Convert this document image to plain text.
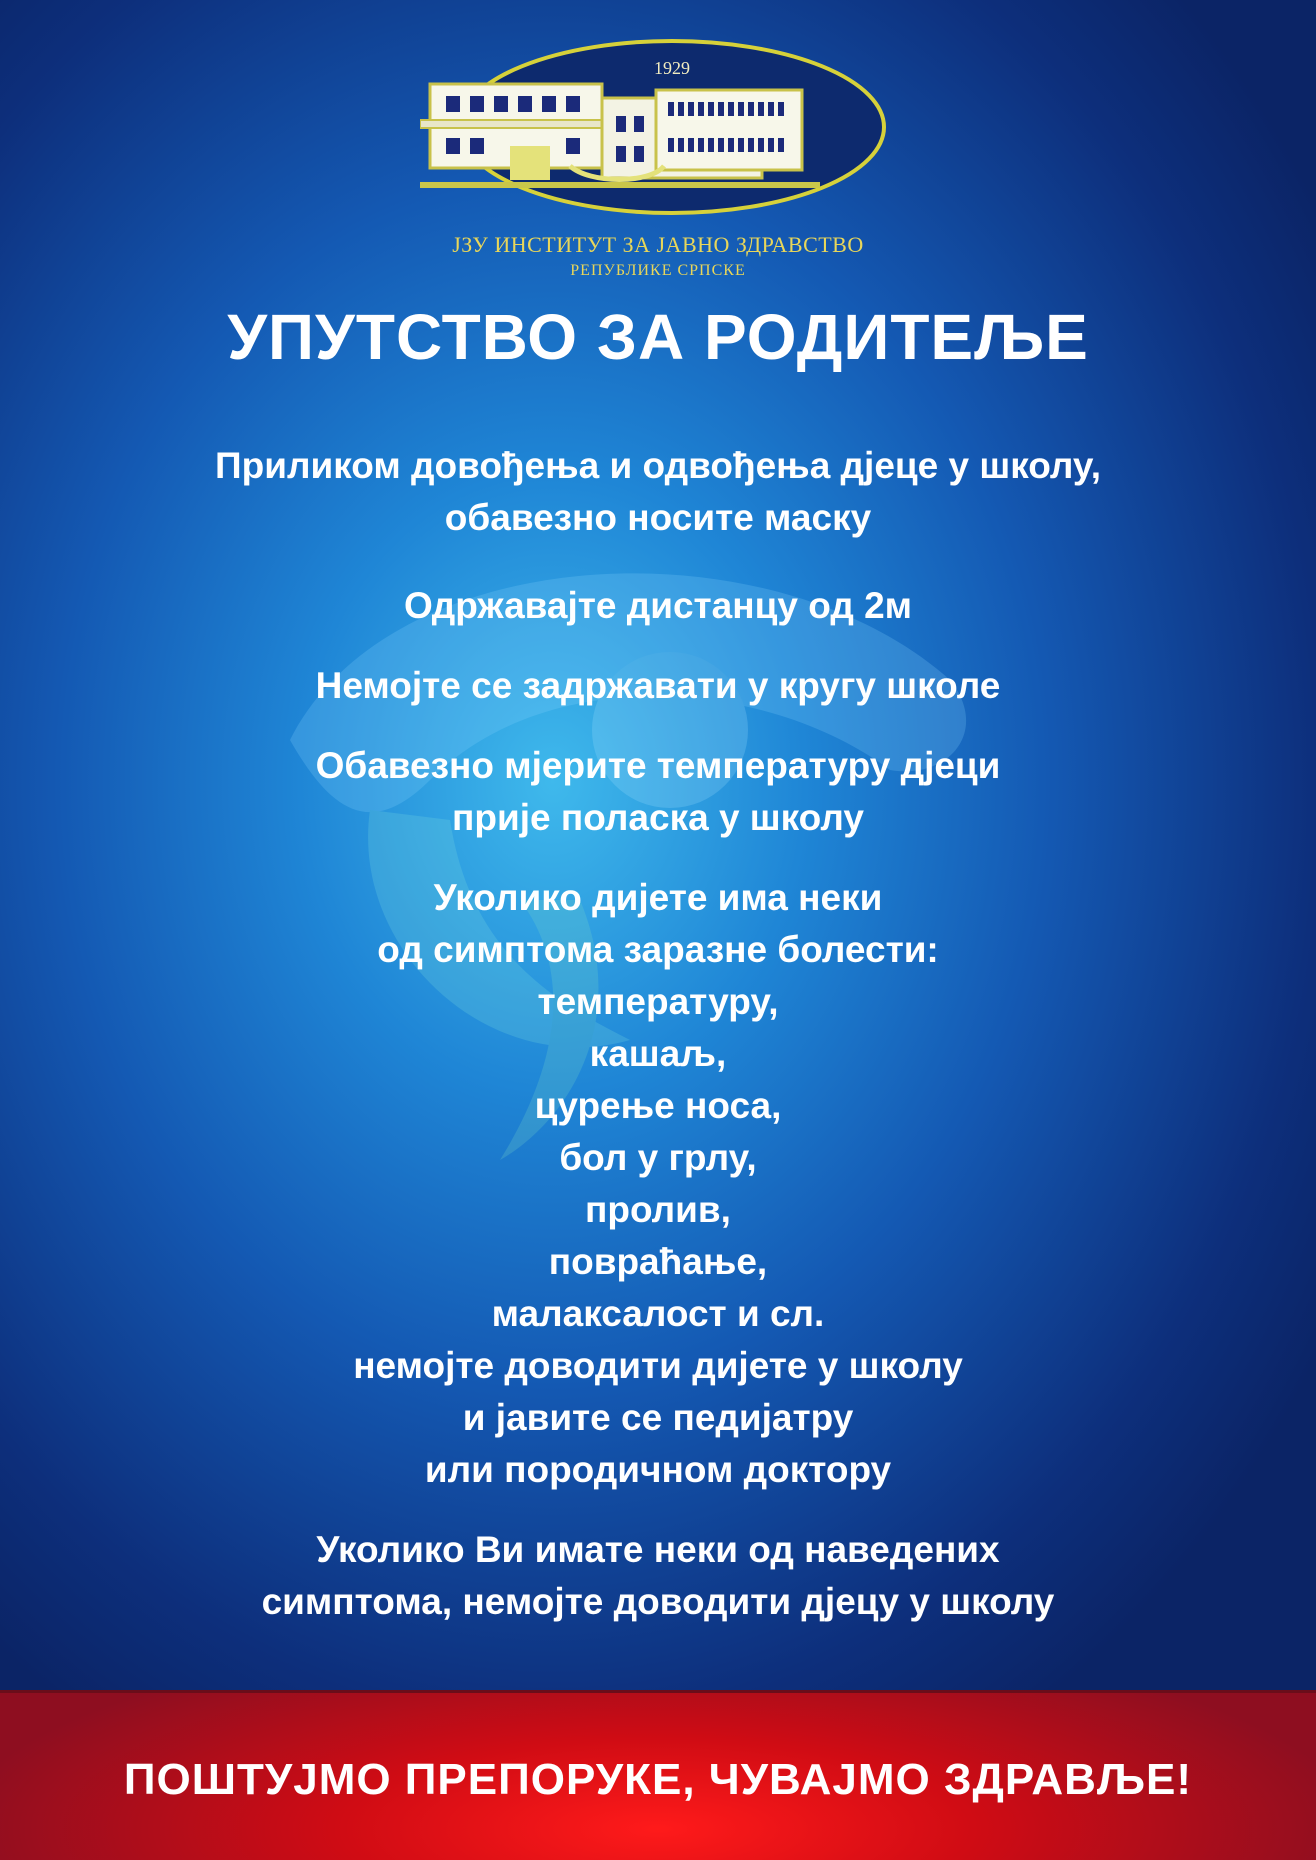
1929
ЈЗУ ИНСТИТУТ ЗА ЈАВНО ЗДРАВСТВО
РЕПУБЛИКЕ СРПСКЕ
УПУТСТВО ЗА РОДИТЕЉЕ

Приликом довођења и одвођења дјеце у школу,

обавезно носите маску

Одржавајте дистанцу од 2м

Немојте се задржавати у кругу школе

Обавезно мјерите температуру дјеци

прије поласка у школу

Уколико дијете има неки

од симптома заразне болести:

температуру,

кашаљ,

цурење носа,

бол у грлу,

пролив,

повраћање,

малаксалост и сл.

немојте доводити дијете у школу

и јавите се педијатру

или породичном доктору

Уколико Ви имате неки од наведених

симптома, немојте доводити дјецу у школу

ПОШТУЈМО ПРЕПОРУКЕ, ЧУВАЈМО ЗДРАВЉЕ!
